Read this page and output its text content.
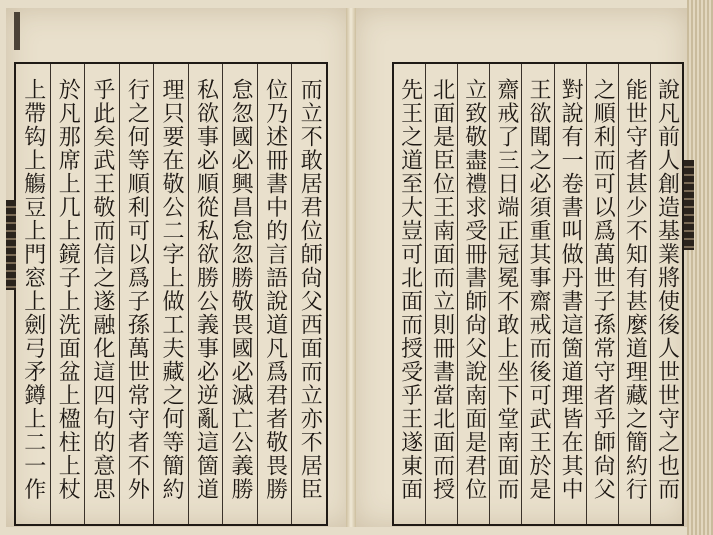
而立不敢居君位師尙父西面而立亦不居臣
位乃述冊書中的言語說道凡爲君者敬畏勝
怠忽國必興昌怠忽勝敬畏國必滅亡公義勝
私欲事必順從私欲勝公義事必逆亂這箇道
理只要在敬公二字上做工夫藏之何等簡約
行之何等順利可以爲子孫萬世常守者不外
乎此矣武王敬而信之遂融化這四句的意思
於凡那席上几上鏡子上洗面盆上楹柱上杖
上帶钩上觴豆上門窓上劍弓矛鐏上二一作	說凡前人創造基業將使後人世世守之也而
能世守者甚少不知有甚麼道理藏之簡約行
之順利而可以爲萬世子孫常守者乎師尙父
對說有一卷書叫做丹書這箇道理皆在其中
王欲聞之必須重其事齋戒而後可武王於是
齋戒了三日端正冠冕不敢上坐下堂南面而
立致敬盡禮求受冊書師尙父說南面是君位
北面是臣位王南面而立則冊書當北面而授
先王之道至大豈可北面而授受乎王遂東面
